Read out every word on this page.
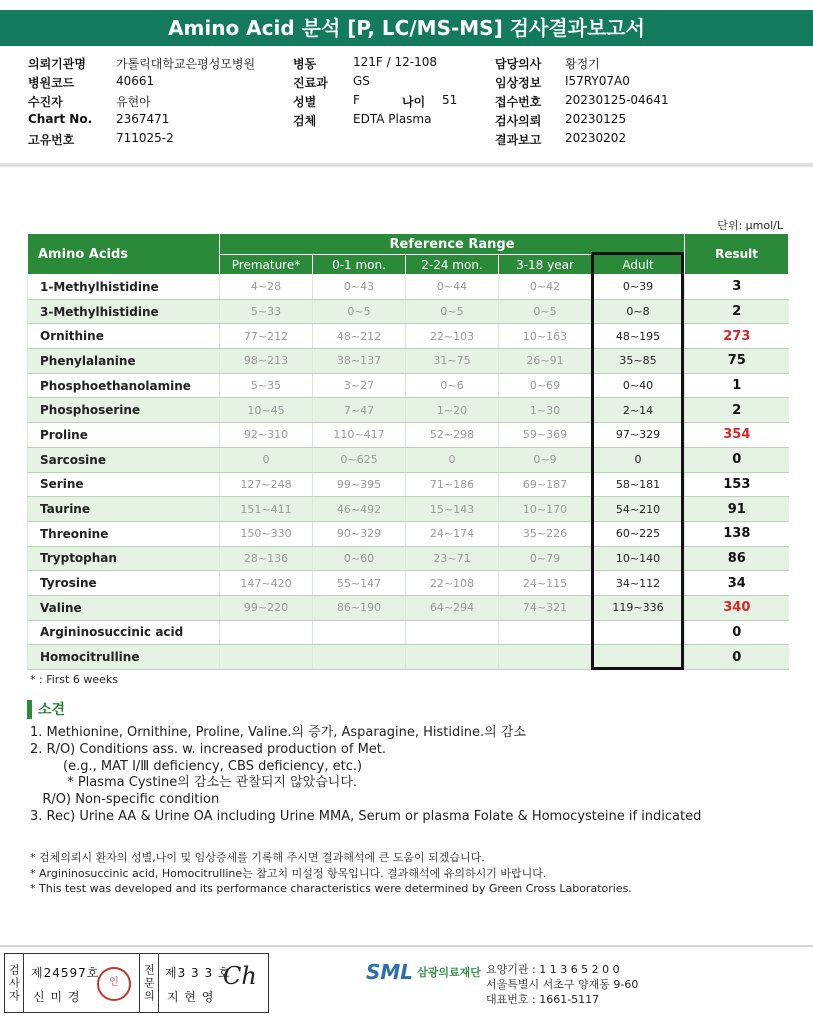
Amino Acid 분석 [P, LC/MS-MS] 검사결과보고서
의뢰기관명	가톨릭대학교은평성모병원
병원코드	40661
수진자	유현아
Chart No.	2367471
고유번호	711025-2
병동	121F / 12-108
진료과	GS
성별	F	나이	51
검체	EDTA Plasma
담당의사	황정기
임상정보	I57RY07A0
접수번호	20230125-04641
검사의뢰	20230125
결과보고	20230202
단위: μmol/L
Amino Acids	Reference Range					Result
	Premature*	0-1 mon.	2-24 mon.	3-18 year	Adult	
1-Methylhistidine	4~28	0~43	0~44	0~42	0~39	3
3-Methylhistidine	5~33	0~5	0~5	0~5	0~8	2
Ornithine	77~212	48~212	22~103	10~163	48~195	273
Phenylalanine	98~213	38~137	31~75	26~91	35~85	75
Phosphoethanolamine	5~35	3~27	0~6	0~69	0~40	1
Phosphoserine	10~45	7~47	1~20	1~30	2~14	2
Proline	92~310	110~417	52~298	59~369	97~329	354
Sarcosine	0	0~625	0	0~9	0	0
Serine	127~248	99~395	71~186	69~187	58~181	153
Taurine	151~411	46~492	15~143	10~170	54~210	91
Threonine	150~330	90~329	24~174	35~226	60~225	138
Tryptophan	28~136	0~60	23~71	0~79	10~140	86
Tyrosine	147~420	55~147	22~108	24~115	34~112	34
Valine	99~220	86~190	64~294	74~321	119~336	340
Argininosuccinic acid						0
Homocitrulline						0
* : First 6 weeks
소견
1. Methionine, Ornithine, Proline, Valine.의 증가, Asparagine, Histidine.의 감소
2. R/O) Conditions ass. w. increased production of Met.
(e.g., MAT Ⅰ/Ⅲ deficiency, CBS deficiency, etc.)
* Plasma Cystine의 감소는 관찰되지 않았습니다.
R/O) Non-specific condition
3. Rec) Urine AA & Urine OA including Urine MMA, Serum or plasma Folate & Homocysteine if indicated
* 검체의뢰시 환자의 성별,나이 및 임상증세를 기록해 주시면 결과해석에 큰 도움이 되겠습니다.
* Argininosuccinic acid, Homocitrulline는 참고치 미설정 항목입니다. 결과해석에 유의하시기 바랍니다.
* This test was developed and its performance characteristics were determined by Green Cross Laboratories.
검사자 제24597호
신 미 경
인	전문의 제3 3 3 호
지 현 영
Ch	SML 삼광의료재단 요양기관 : 1 1 3 6 5 2 0 0
서울특별시 서초구 양재동 9-60
대표번호 : 1661-5117
